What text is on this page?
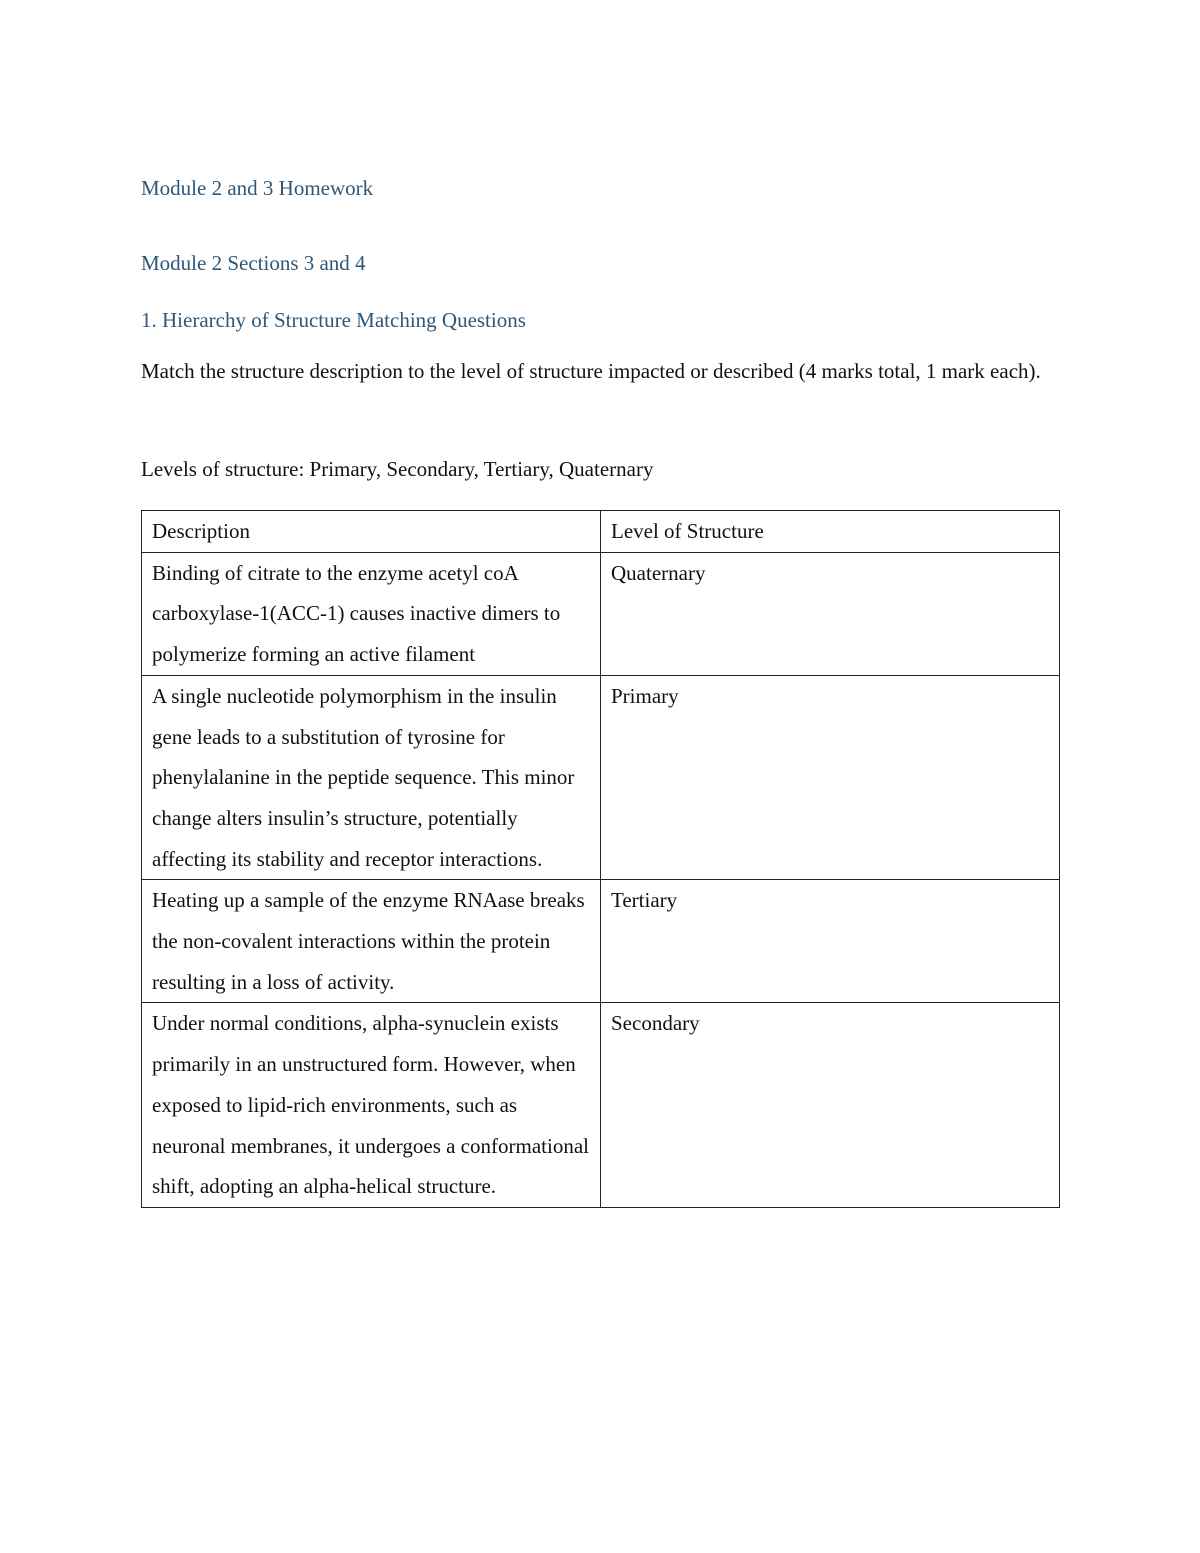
Module 2 and 3 Homework
Module 2 Sections 3 and 4
1. Hierarchy of Structure Matching Questions
Match the structure description to the level of structure impacted or described (4 marks total, 1 mark each).
Levels of structure: Primary, Secondary, Tertiary, Quaternary
Description	Level of Structure
Binding of citrate to the enzyme acetyl coA carboxylase-1(ACC-1) causes inactive dimers to polymerize forming an active filament	Quaternary
A single nucleotide polymorphism in the insulin gene leads to a substitution of tyrosine for phenylalanine in the peptide sequence. This minor change alters insulin’s structure, potentially affecting its stability and receptor interactions.	Primary
Heating up a sample of the enzyme RNAase breaks the non-covalent interactions within the protein resulting in a loss of activity.	Tertiary
Under normal conditions, alpha-synuclein exists primarily in an unstructured form. However, when exposed to lipid-rich environments, such as neuronal membranes, it undergoes a conformational shift, adopting an alpha-helical structure.	Secondary
